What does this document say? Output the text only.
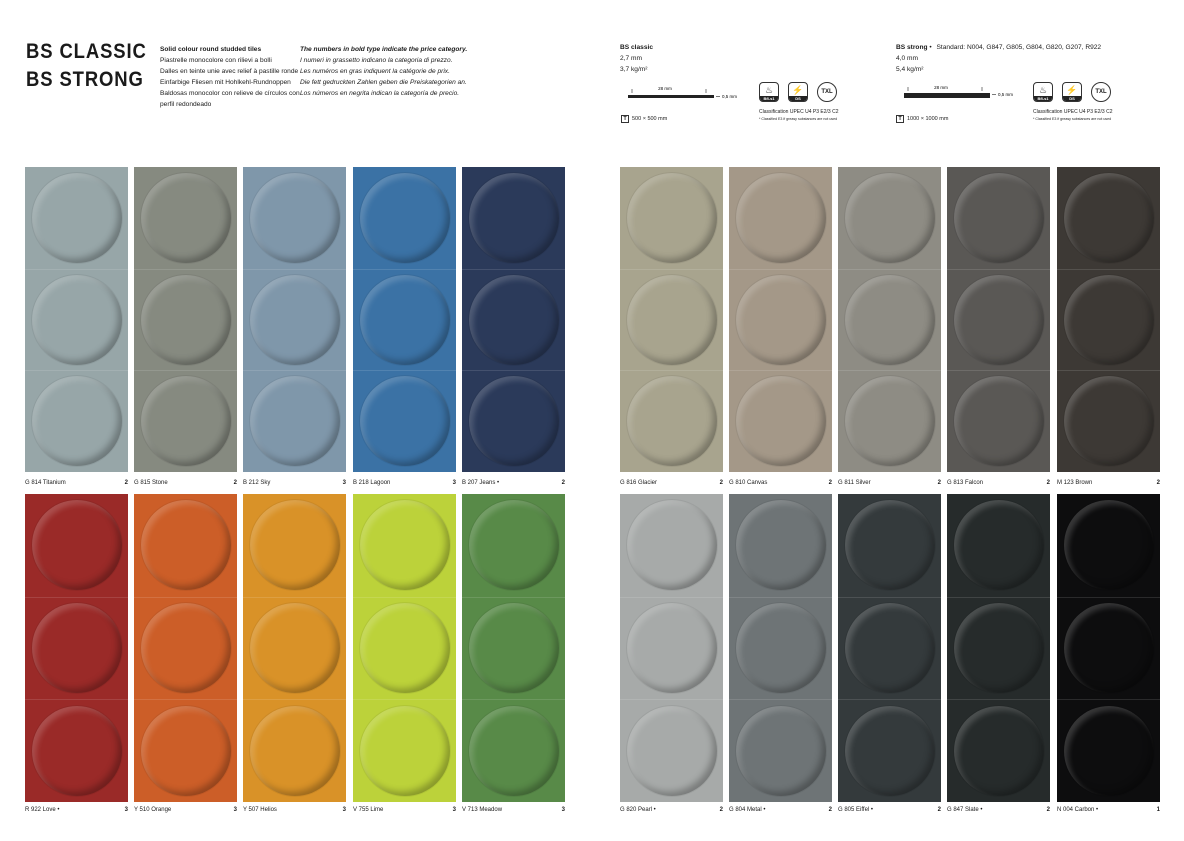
BS CLASSIC
BS STRONG
Solid colour round studded tiles
Piastrelle monocolore con rilievi a bolli
Dalles en teinte unie avec relief à pastille ronde
Einfarbige Fliesen mit Hohlkehl-Rundnoppen
Baldosas monocolor con relieve de círculos con
perfil redondeado
The numbers in bold type indicate the price category.
I numeri in grassetto indicano la categoria di prezzo.
Les numéros en gras indiquent la catégorie de prix.
Die fett gedruckten Zahlen geben die Preiskategorien an.
Los números en negrita indican la categoría de precio.
BS classic
2,7 mm
3,7 kg/m²
28 mm
0,5 mm
T 500 × 500 mm
♨
Bfl-s1
⚡
DS
TXL
Classification UPEC U4 P3 E2/3 C2
* Classified E3 if greasy substances are not used
BS strong • Standard: N004, G847, G805, G804, G820, G207, R922
4,0 mm
5,4 kg/m²
28 mm
0,5 mm
T 1000 × 1000 mm
♨
Bfl-s1
⚡
DS
TXL
Classification UPEC U4 P3 E2/3 C2
* Classified E3 if greasy substances are not used
G 814 Titanium	2 G 815 Stone	2 B 212 Sky	3 B 218 Lagoon	3 B 207 Jeans •	2	G 816 Glacier	2 G 810 Canvas	2 G 811 Silver	2 G 813 Falcon	2 M 123 Brown	2
R 922 Love •	3 Y 510 Orange	3 Y 507 Helios	3 V 755 Lime	3 V 713 Meadow	3	G 820 Pearl •	2 G 804 Metal •	2 G 805 Eiffel •	2 G 847 Slate •	2 N 004 Carbon •	1
